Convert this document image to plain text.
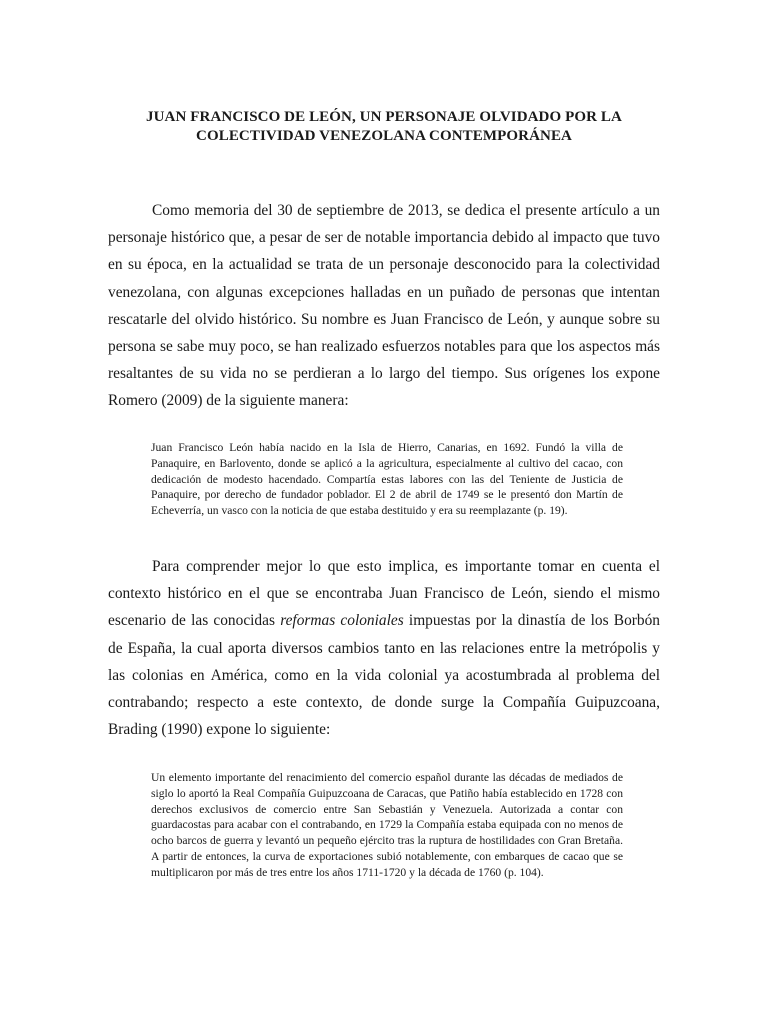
JUAN FRANCISCO DE LEÓN, UN PERSONAJE OLVIDADO POR LA
COLECTIVIDAD VENEZOLANA CONTEMPORÁNEA

Como memoria del 30 de septiembre de 2013, se dedica el presente artículo a un personaje histórico que, a pesar de ser de notable importancia debido al impacto que tuvo en su época, en la actualidad se trata de un personaje desconocido para la colectividad venezolana, con algunas excepciones halladas en un puñado de personas que intentan rescatarle del olvido histórico. Su nombre es Juan Francisco de León, y aunque sobre su persona se sabe muy poco, se han realizado esfuerzos notables para que los aspectos más resaltantes de su vida no se perdieran a lo largo del tiempo. Sus orígenes los expone Romero (2009) de la siguiente manera:

Juan Francisco León había nacido en la Isla de Hierro, Canarias, en 1692. Fundó la villa de Panaquire, en Barlovento, donde se aplicó a la agricultura, especialmente al cultivo del cacao, con dedicación de modesto hacendado. Compartía estas labores con las del Teniente de Justicia de Panaquire, por derecho de fundador poblador. El 2 de abril de 1749 se le presentó don Martín de Echeverría, un vasco con la noticia de que estaba destituido y era su reemplazante (p. 19).

Para comprender mejor lo que esto implica, es importante tomar en cuenta el contexto histórico en el que se encontraba Juan Francisco de León, siendo el mismo escenario de las conocidas reformas coloniales impuestas por la dinastía de los Borbón de España, la cual aporta diversos cambios tanto en las relaciones entre la metrópolis y las colonias en América, como en la vida colonial ya acostumbrada al problema del contrabando; respecto a este contexto, de donde surge la Compañía Guipuzcoana, Brading (1990) expone lo siguiente:

Un elemento importante del renacimiento del comercio español durante las décadas de mediados de siglo lo aportó la Real Compañía Guipuzcoana de Caracas, que Patiño había establecido en 1728 con derechos exclusivos de comercio entre San Sebastián y Venezuela. Autorizada a contar con guardacostas para acabar con el contrabando, en 1729 la Compañía estaba equipada con no menos de ocho barcos de guerra y levantó un pequeño ejército tras la ruptura de hostilidades con Gran Bretaña. A partir de entonces, la curva de exportaciones subió notablemente, con embarques de cacao que se multiplicaron por más de tres entre los años 1711-1720 y la década de 1760 (p. 104).
